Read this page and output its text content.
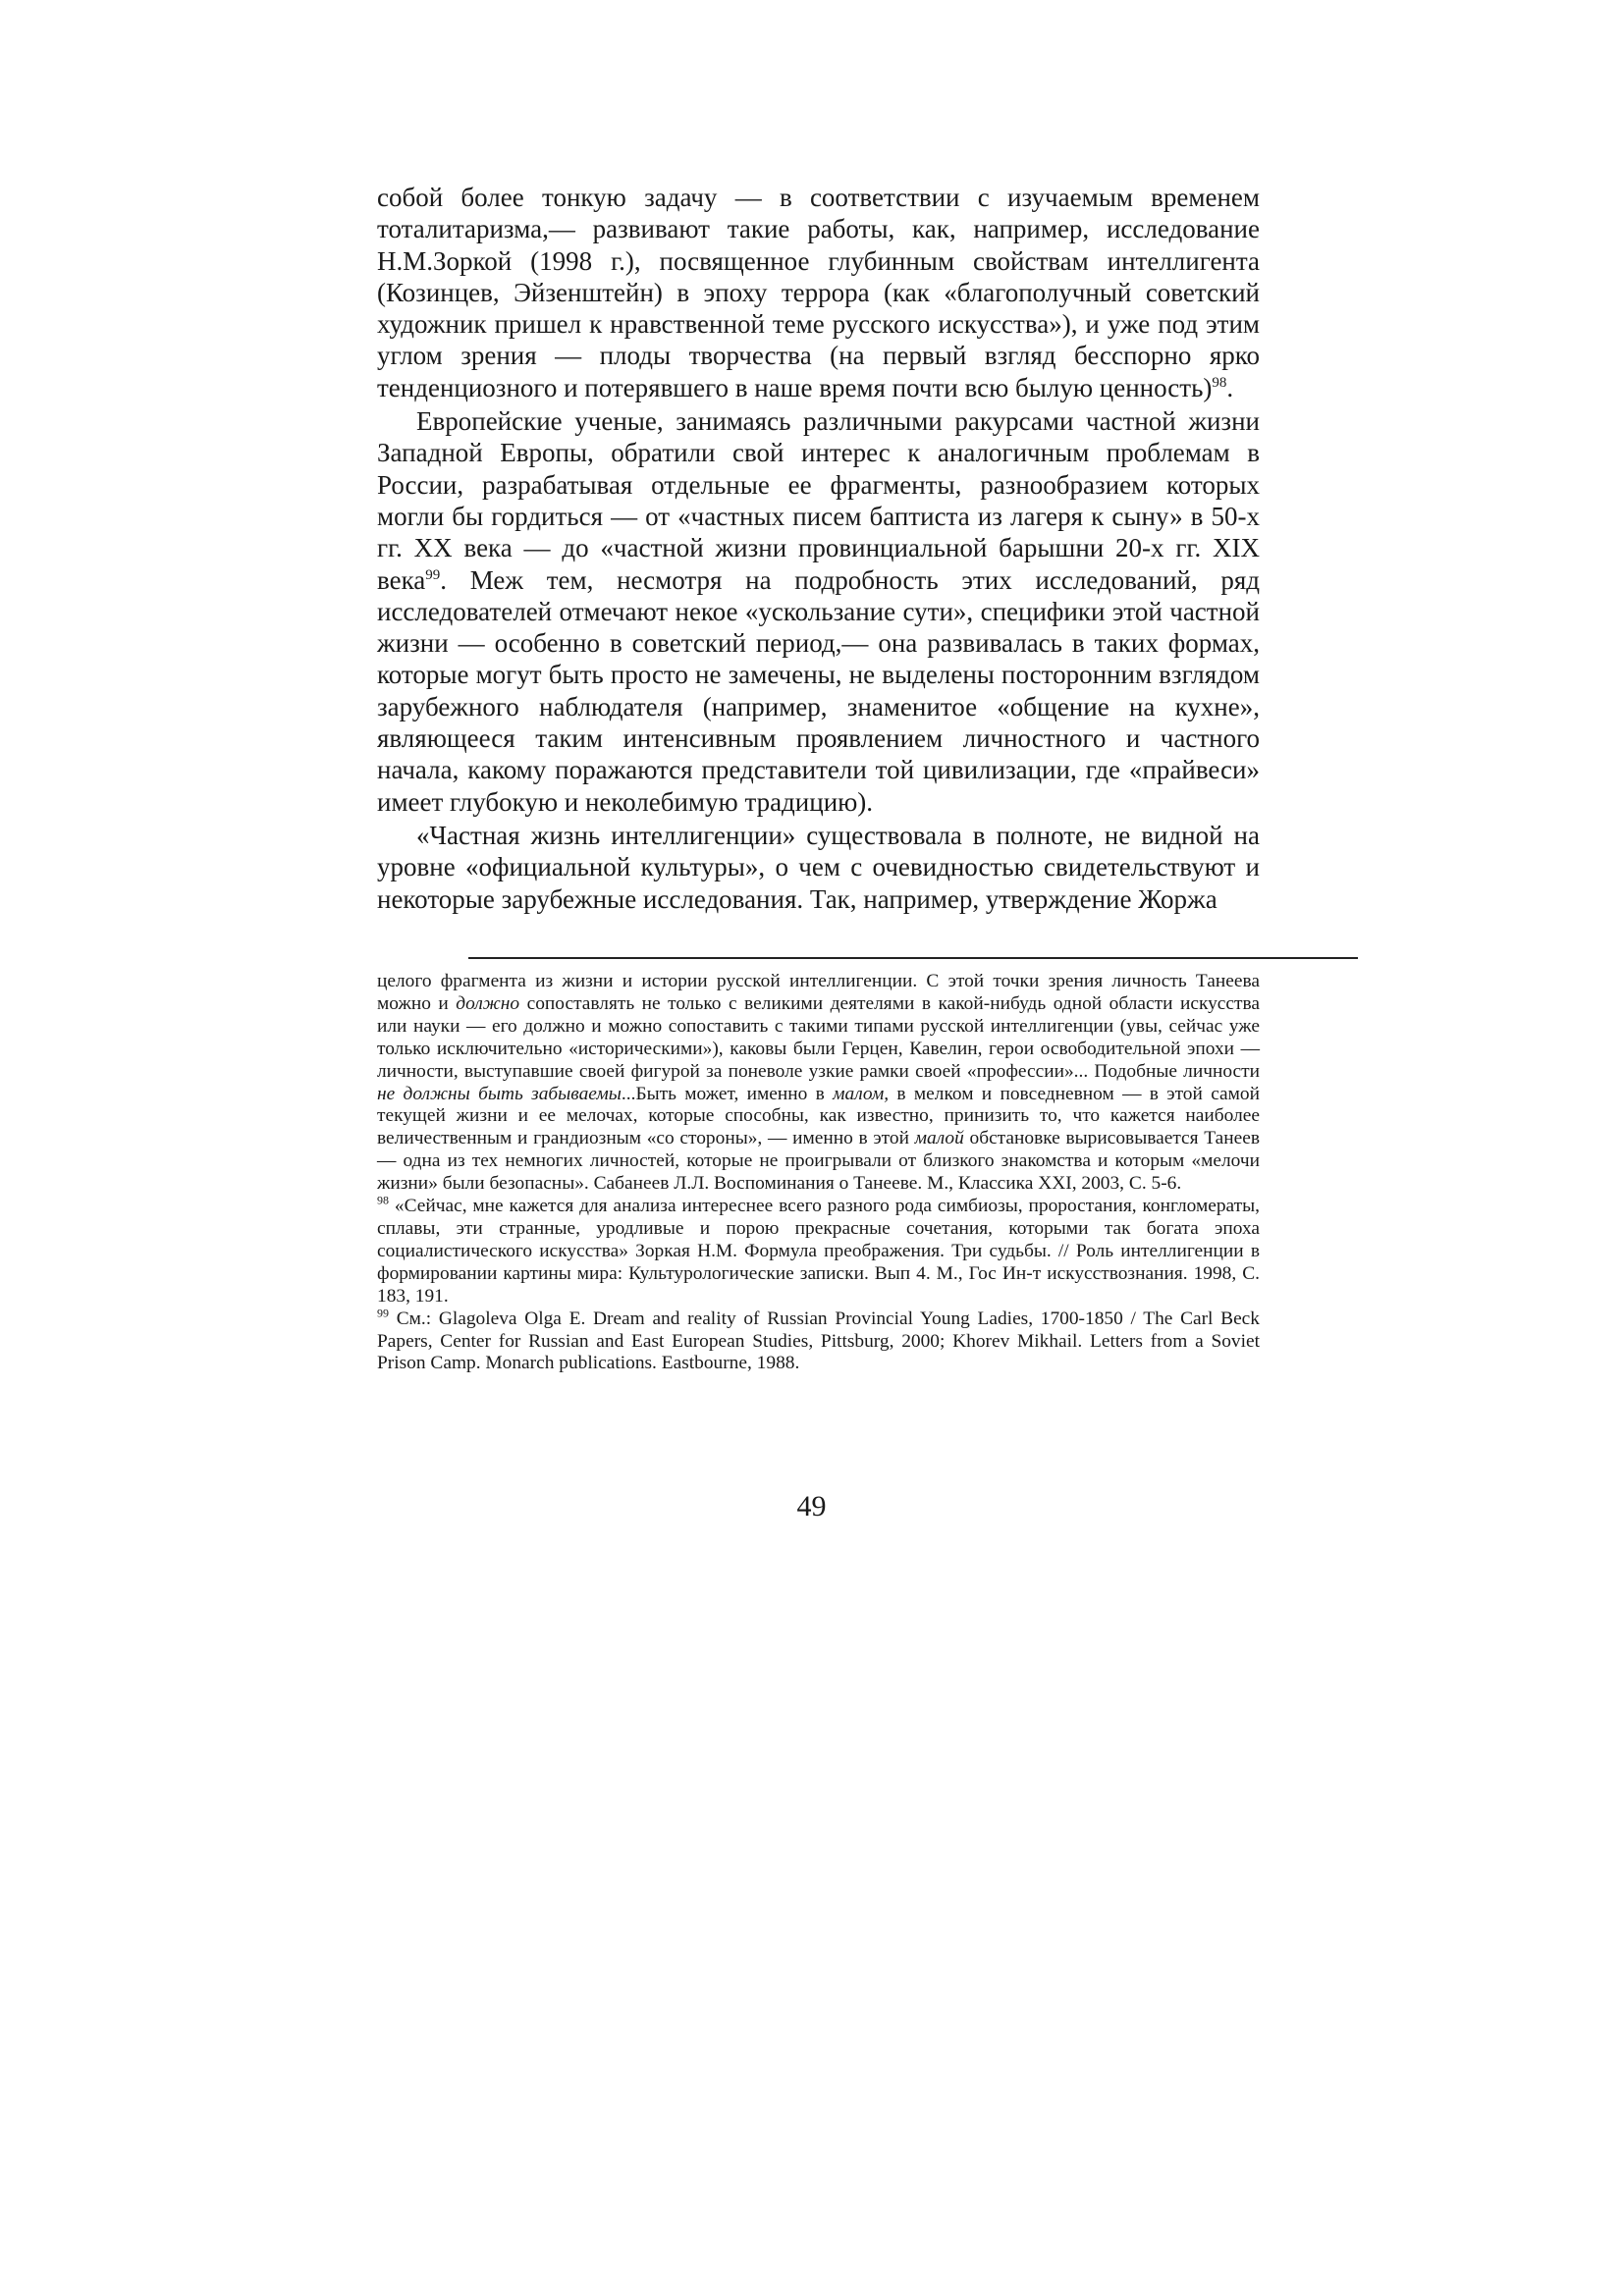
собой более тонкую задачу — в соответствии с изучаемым временем тоталитаризма,— развивают такие работы, как, например, исследование Н.М.Зоркой (1998 г.), посвященное глубинным свойствам интеллигента (Козинцев, Эйзенштейн) в эпоху террора (как «благополучный советский художник пришел к нравственной теме русского искусства»), и уже под этим углом зрения — плоды творчества (на первый взгляд бесспорно ярко тенденциозного и потерявшего в наше время почти всю былую ценность)$^{98}$.

Европейские ученые, занимаясь различными ракурсами частной жизни Западной Европы, обратили свой интерес к аналогичным проблемам в России, разрабатывая отдельные ее фрагменты, разнообразием которых могли бы гордиться — от «частных писем баптиста из лагеря к сыну» в 50-х гг. XX века — до «частной жизни провинциальной барышни 20-х гг. XIX века$^{99}$. Меж тем, несмотря на подробность этих исследований, ряд исследователей отмечают некое «ускользание сути», специфики этой частной жизни — особенно в советский период,— она развивалась в таких формах, которые могут быть просто не замечены, не выделены посторонним взглядом зарубежного наблюдателя (например, знаменитое «общение на кухне», являющееся таким интенсивным проявлением личностного и частного начала, какому поражаются представители той цивилизации, где «прайвеси» имеет глубокую и неколебимую традицию).

«Частная жизнь интеллигенции» существовала в полноте, не видной на уровне «официальной культуры», о чем с очевидностью свидетельствуют и некоторые зарубежные исследования. Так, например, утверждение Жоржа

целого фрагмента из жизни и истории русской интеллигенции. С этой точки зрения личность Танеева можно и должно сопоставлять не только с великими деятелями в какой-нибудь одной области искусства или науки — его должно и можно сопоставить с такими типами русской интеллигенции (увы, сейчас уже только исключительно «историческими»), каковы были Герцен, Кавелин, герои освободительной эпохи — личности, выступавшие своей фигурой за поневоле узкие рамки своей «профессии»... Подобные личности не должны быть забываемы...Быть может, именно в малом, в мелком и повседневном — в этой самой текущей жизни и ее мелочах, которые способны, как известно, принизить то, что кажется наиболее величественным и грандиозным «со стороны», — именно в этой малой обстановке вырисовывается Танеев — одна из тех немногих личностей, которые не проигрывали от близкого знакомства и которым «мелочи жизни» были безопасны». Сабанеев Л.Л. Воспоминания о Танееве. М., Классика XXI, 2003, С. 5-6.

$^{98}$ «Сейчас, мне кажется для анализа интереснее всего разного рода симбиозы, проростания, конгломераты, сплавы, эти странные, уродливые и порою прекрасные сочетания, которыми так богата эпоха социалистического искусства» Зоркая Н.М. Формула преображения. Три судьбы. // Роль интеллигенции в формировании картины мира: Культурологические записки. Вып 4. М., Гос Ин-т искусствознания. 1998, С. 183, 191.

$^{99}$ См.: Glagoleva Olga E. Dream and reality of Russian Provincial Young Ladies, 1700-1850 / The Carl Beck Papers, Center for Russian and East European Studies, Pittsburg, 2000; Khorev Mikhail. Letters from a Soviet Prison Camp. Monarch publications. Eastbourne, 1988.

49
